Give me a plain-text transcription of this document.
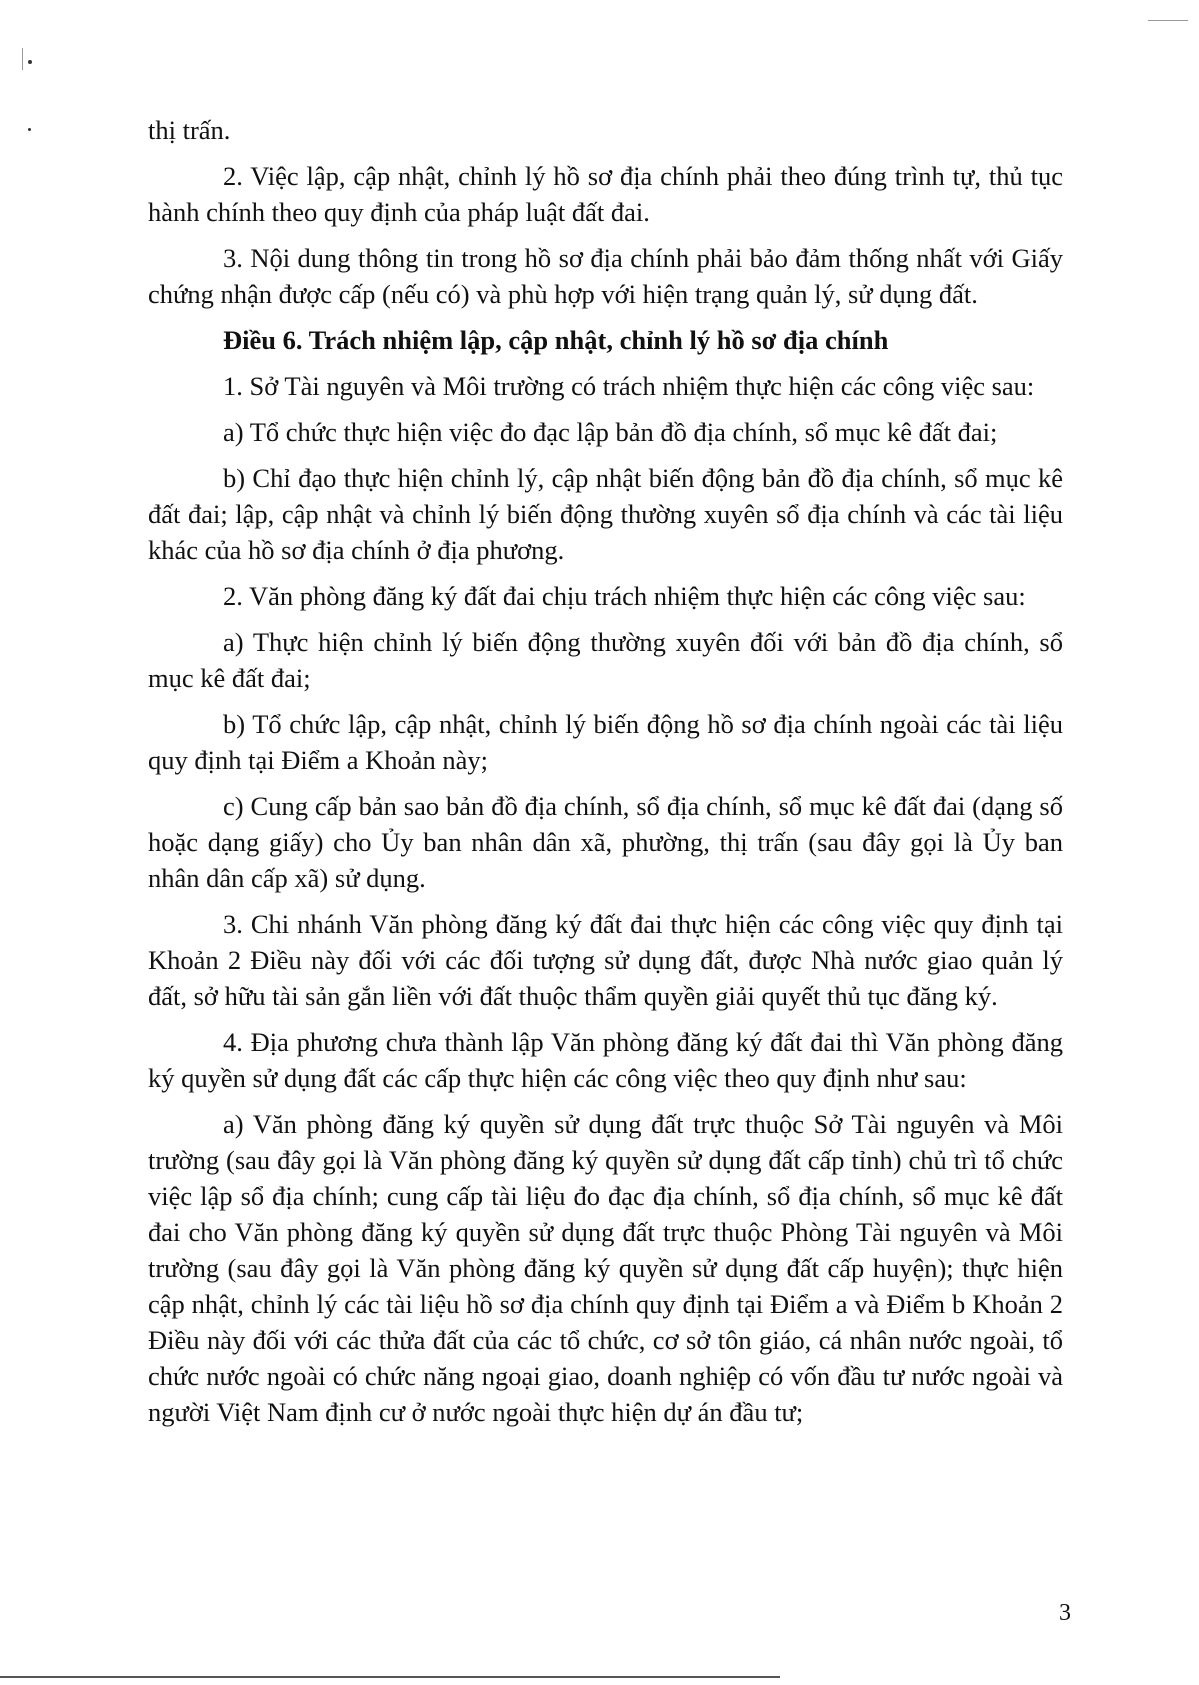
thị trấn.

2. Việc lập, cập nhật, chỉnh lý hồ sơ địa chính phải theo đúng trình tự, thủ tục hành chính theo quy định của pháp luật đất đai.

3. Nội dung thông tin trong hồ sơ địa chính phải bảo đảm thống nhất với Giấy chứng nhận được cấp (nếu có) và phù hợp với hiện trạng quản lý, sử dụng đất.

Điều 6. Trách nhiệm lập, cập nhật, chỉnh lý hồ sơ địa chính

1. Sở Tài nguyên và Môi trường có trách nhiệm thực hiện các công việc sau:

a) Tổ chức thực hiện việc đo đạc lập bản đồ địa chính, sổ mục kê đất đai;

b) Chỉ đạo thực hiện chỉnh lý, cập nhật biến động bản đồ địa chính, sổ mục kê đất đai; lập, cập nhật và chỉnh lý biến động thường xuyên sổ địa chính và các tài liệu khác của hồ sơ địa chính ở địa phương.

2. Văn phòng đăng ký đất đai chịu trách nhiệm thực hiện các công việc sau:

a) Thực hiện chỉnh lý biến động thường xuyên đối với bản đồ địa chính, sổ mục kê đất đai;

b) Tổ chức lập, cập nhật, chỉnh lý biến động hồ sơ địa chính ngoài các tài liệu quy định tại Điểm a Khoản này;

c) Cung cấp bản sao bản đồ địa chính, sổ địa chính, sổ mục kê đất đai (dạng số hoặc dạng giấy) cho Ủy ban nhân dân xã, phường, thị trấn (sau đây gọi là Ủy ban nhân dân cấp xã) sử dụng.

3. Chi nhánh Văn phòng đăng ký đất đai thực hiện các công việc quy định tại Khoản 2 Điều này đối với các đối tượng sử dụng đất, được Nhà nước giao quản lý đất, sở hữu tài sản gắn liền với đất thuộc thẩm quyền giải quyết thủ tục đăng ký.

4. Địa phương chưa thành lập Văn phòng đăng ký đất đai thì Văn phòng đăng ký quyền sử dụng đất các cấp thực hiện các công việc theo quy định như sau:

a) Văn phòng đăng ký quyền sử dụng đất trực thuộc Sở Tài nguyên và Môi trường (sau đây gọi là Văn phòng đăng ký quyền sử dụng đất cấp tỉnh) chủ trì tổ chức việc lập sổ địa chính; cung cấp tài liệu đo đạc địa chính, sổ địa chính, sổ mục kê đất đai cho Văn phòng đăng ký quyền sử dụng đất trực thuộc Phòng Tài nguyên và Môi trường (sau đây gọi là Văn phòng đăng ký quyền sử dụng đất cấp huyện); thực hiện cập nhật, chỉnh lý các tài liệu hồ sơ địa chính quy định tại Điểm a và Điểm b Khoản 2 Điều này đối với các thửa đất của các tổ chức, cơ sở tôn giáo, cá nhân nước ngoài, tổ chức nước ngoài có chức năng ngoại giao, doanh nghiệp có vốn đầu tư nước ngoài và người Việt Nam định cư ở nước ngoài thực hiện dự án đầu tư;

3
